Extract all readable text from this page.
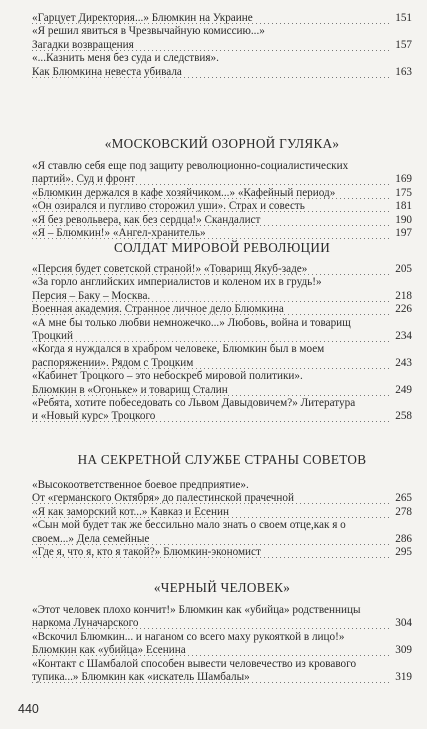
«Гарцует Директория...» Блюмкин на Украине	151
«Я решил явиться в Чрезвычайную комиссию...»
Загадки возвращения	157
«...Казнить меня без суда и следствия».
Как Блюмкина невеста убивала	163
«МОСКОВСКИЙ ОЗОРНОЙ ГУЛЯКА»
«Я ставлю себя еще под защиту революционно-социалистических
партий». Суд и фронт	169
«Блюмкин держался в кафе хозяйчиком...» «Кафейный период»	175
«Он озирался и пугливо сторожил уши». Страх и совесть	181
«Я без револьвера, как без сердца!» Скандалист	190
«Я – Блюмкин!» «Ангел-хранитель»	197
СОЛДАТ МИРОВОЙ РЕВОЛЮЦИИ
«Персия будет советской страной!» «Товарищ Якуб-заде»	205
«За горло английских империалистов и коленом их в грудь!»
Персия – Баку – Москва.	218
Военная академия. Странное личное дело Блюмкина	226
«А мне бы только любви немножечко...» Любовь, война и товарищ
Троцкий	234
«Когда я нуждался в храбром человеке, Блюмкин был в моем
распоряжении». Рядом с Троцким	243
«Кабинет Троцкого – это небоскреб мировой политики».
Блюмкин в «Огоньке» и товарищ Сталин	249
«Ребята, хотите побеседовать со Львом Давыдовичем?» Литература
и «Новый курс» Троцкого	258
НА СЕКРЕТНОЙ СЛУЖБЕ СТРАНЫ СОВЕТОВ
«Высокоответственное боевое предприятие».
От «германского Октября» до палестинской прачечной	265
«Я как заморский кот...» Кавказ и Есенин	278
«Сын мой будет так же бессильно мало знать о своем отце,как я о
своем...» Дела семейные	286
«Где я, что я, кто я такой?» Блюмкин-экономист	295
«ЧЕРНЫЙ ЧЕЛОВЕК»
«Этот человек плохо кончит!» Блюмкин как «убийца» родственницы
наркома Луначарского	304
«Вскочил Блюмкин... и наганом со всего маху рукояткой в лицо!»
Блюмкин как «убийца» Есенина	309
«Контакт с Шамбалой способен вывести человечество из кровавого
тупика...» Блюмкин как «искатель Шамбалы»	319
440
